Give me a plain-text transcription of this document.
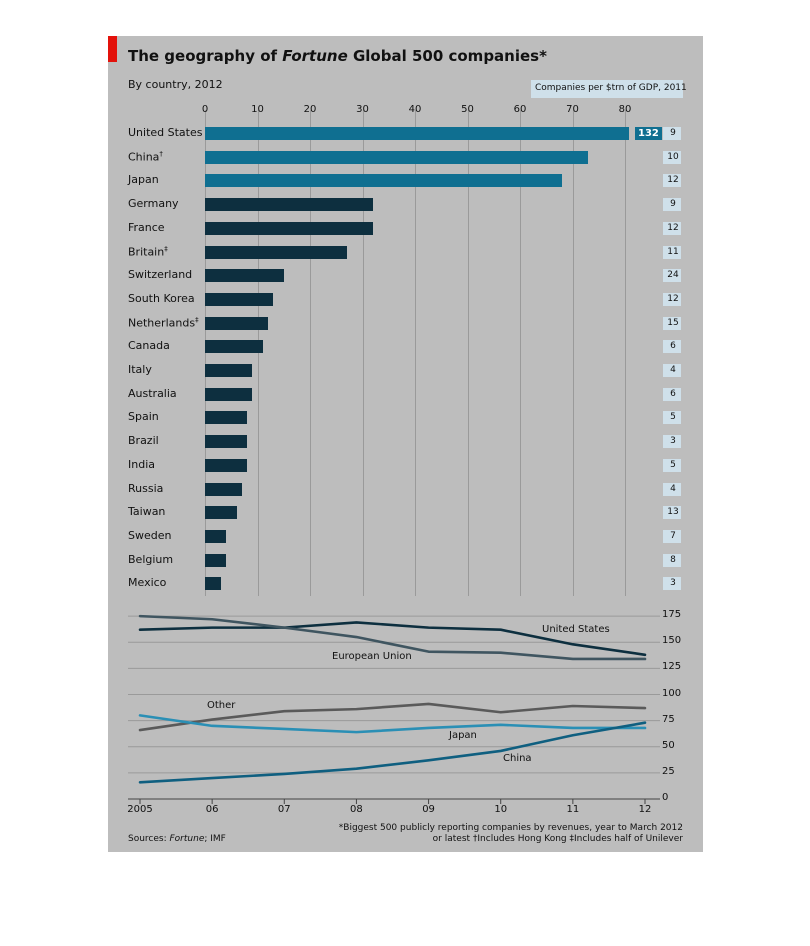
The geography of Fortune Global 500 companies*
By country, 2012	Companies per $trn of GDP, 2011
0	10	20	30	40	50	60	70	80
United States	132	9
China†	10
Japan	12
Germany	9
France	12
Britain‡	11
Switzerland	24
South Korea	12
Netherlands‡	15
Canada	6
Italy	4
Australia	6
Spain	5
Brazil	3
India	5
Russia	4
Taiwan	13
Sweden	7
Belgium	8
Mexico	3
0
25
50
75
100
125
150
175
2005	06	07	08	09	10	11	12
United States
European Union
Other
Japan
China
Sources: Fortune; IMF
*Biggest 500 publicly reporting companies by revenues, year to March 2012
or latest †Includes Hong Kong ‡Includes half of Unilever
